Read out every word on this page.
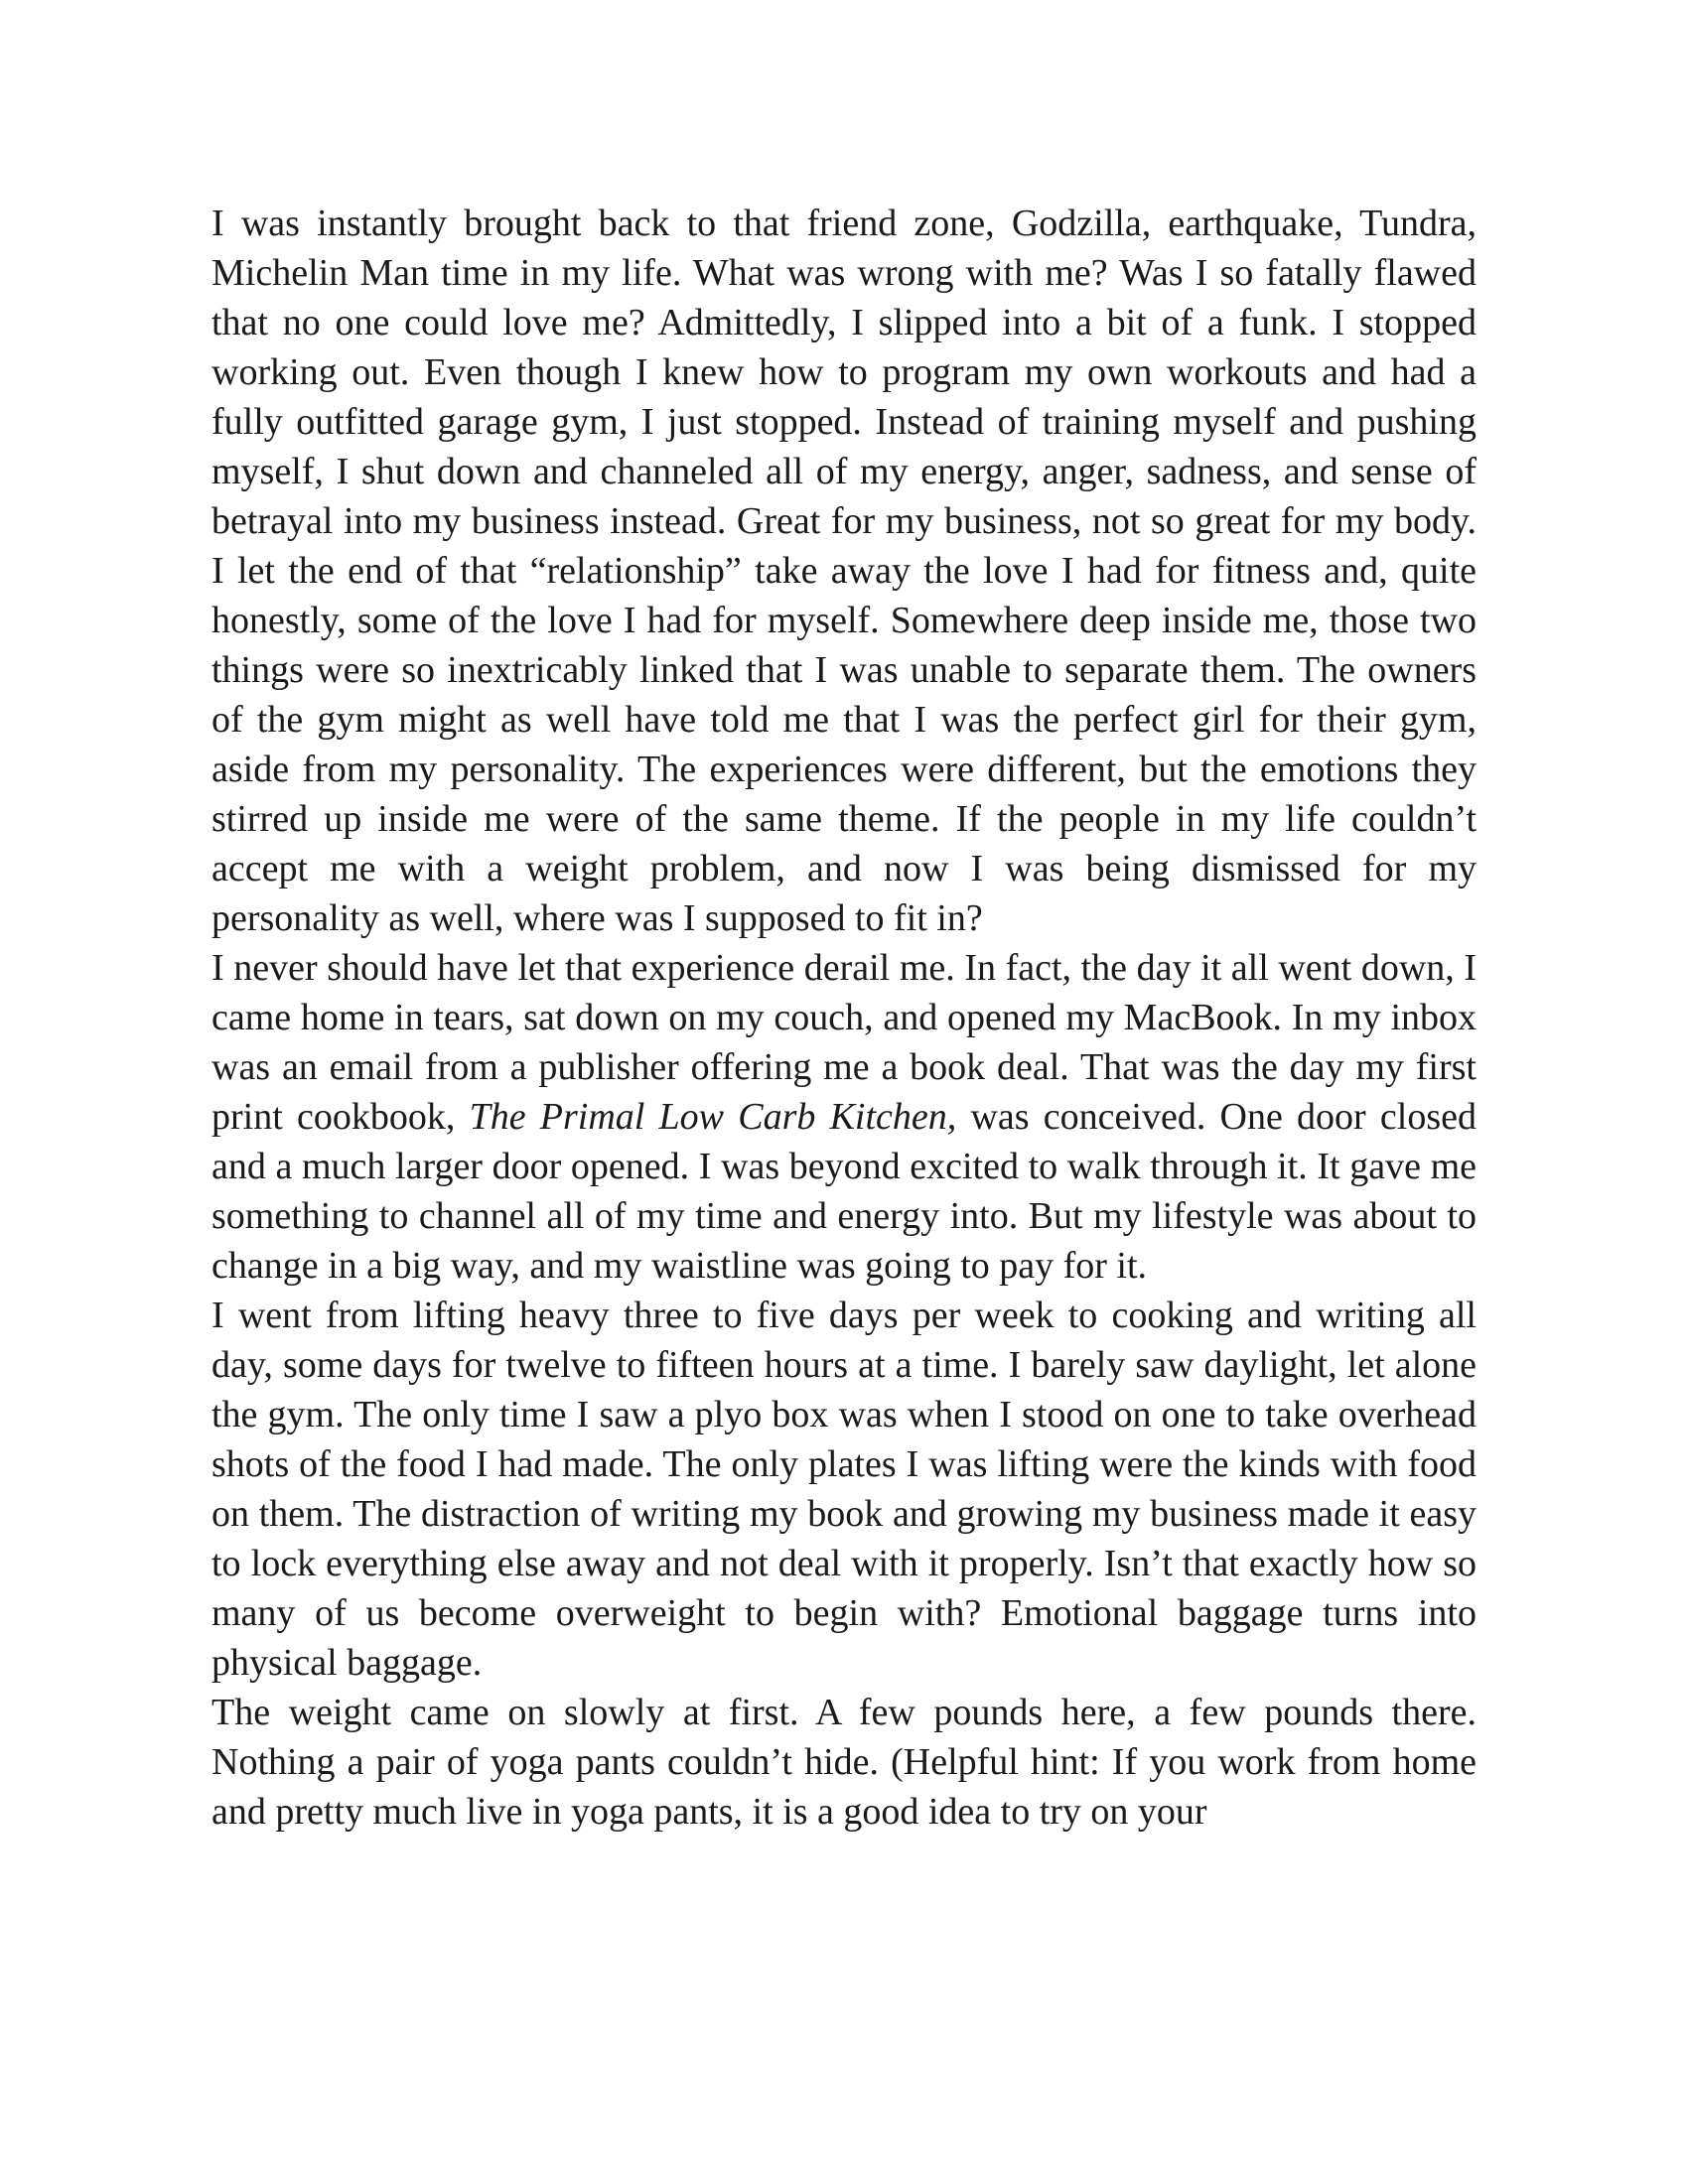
I was instantly brought back to that friend zone, Godzilla, earthquake, Tundra, Michelin Man time in my life. What was wrong with me? Was I so fatally flawed that no one could love me? Admittedly, I slipped into a bit of a funk. I stopped working out. Even though I knew how to program my own workouts and had a fully outfitted garage gym, I just stopped. Instead of training myself and pushing myself, I shut down and channeled all of my energy, anger, sadness, and sense of betrayal into my business instead. Great for my business, not so great for my body. I let the end of that “relationship” take away the love I had for fitness and, quite honestly, some of the love I had for myself. Somewhere deep inside me, those two things were so inextricably linked that I was unable to separate them. The owners of the gym might as well have told me that I was the perfect girl for their gym, aside from my personality. The experiences were different, but the emotions they stirred up inside me were of the same theme. If the people in my life couldn’t accept me with a weight problem, and now I was being dismissed for my personality as well, where was I supposed to fit in?

I never should have let that experience derail me. In fact, the day it all went down, I came home in tears, sat down on my couch, and opened my MacBook. In my inbox was an email from a publisher offering me a book deal. That was the day my first print cookbook, The Primal Low Carb Kitchen, was conceived. One door closed and a much larger door opened. I was beyond excited to walk through it. It gave me something to channel all of my time and energy into. But my lifestyle was about to change in a big way, and my waistline was going to pay for it.

I went from lifting heavy three to five days per week to cooking and writing all day, some days for twelve to fifteen hours at a time. I barely saw daylight, let alone the gym. The only time I saw a plyo box was when I stood on one to take overhead shots of the food I had made. The only plates I was lifting were the kinds with food on them. The distraction of writing my book and growing my business made it easy to lock everything else away and not deal with it properly. Isn’t that exactly how so many of us become overweight to begin with? Emotional baggage turns into physical baggage.

The weight came on slowly at first. A few pounds here, a few pounds there. Nothing a pair of yoga pants couldn’t hide. (Helpful hint: If you work from home and pretty much live in yoga pants, it is a good idea to try on your
